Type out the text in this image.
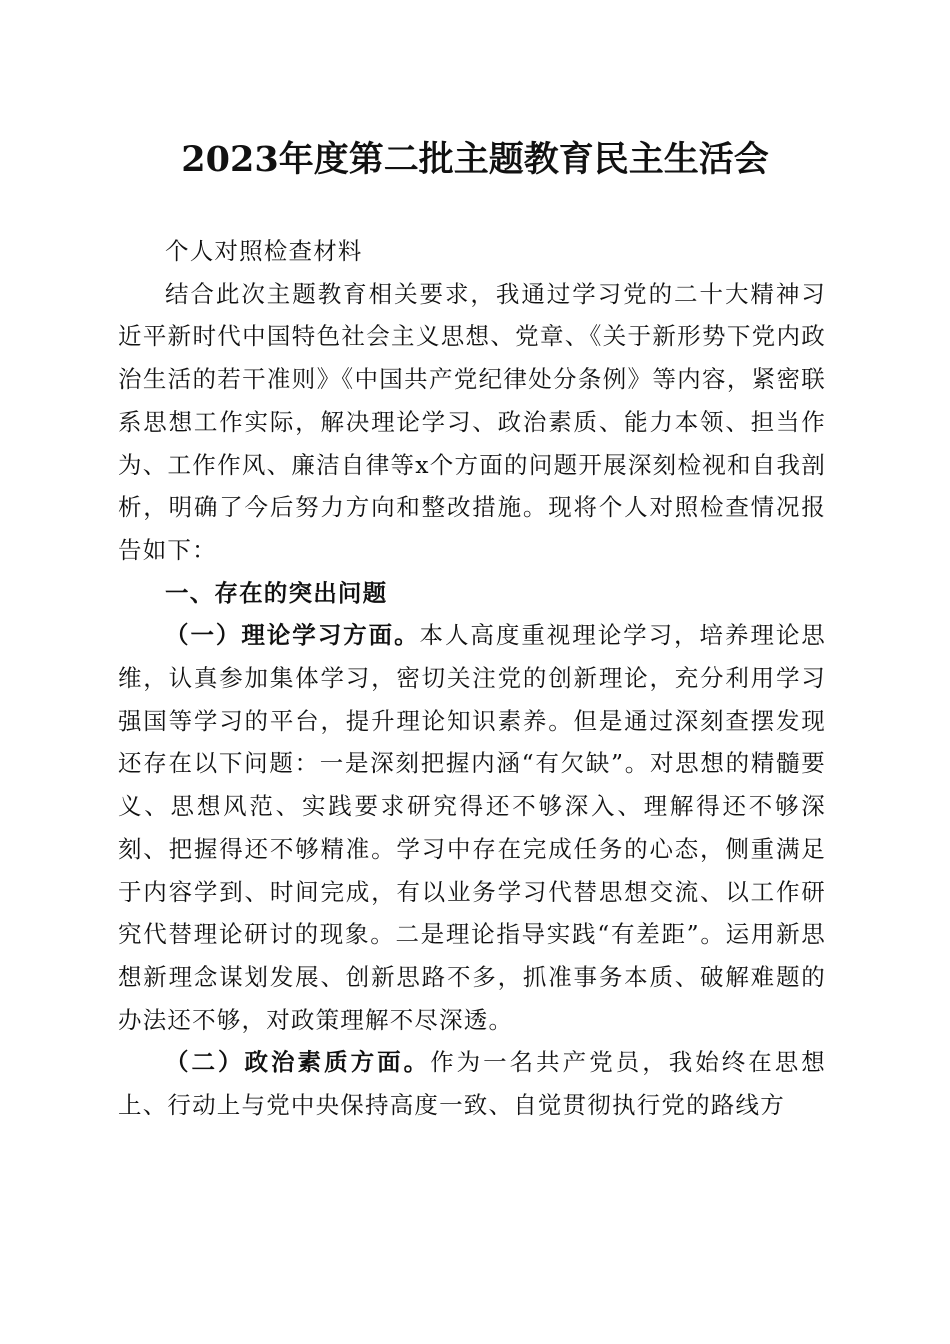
2023年度第二批主题教育民主生活会

个人对照检查材料

结合此次主题教育相关要求，我通过学习党的二十大精神习近平新时代中国特色社会主义思想、党章、《关于新形势下党内政治生活的若干准则》《中国共产党纪律处分条例》等内容，紧密联系思想工作实际，解决理论学习、政治素质、能力本领、担当作为、工作作风、廉洁自律等x个方面的问题开展深刻检视和自我剖析，明确了今后努力方向和整改措施。现将个人对照检查情况报告如下：

一、存在的突出问题

（一）理论学习方面。本人高度重视理论学习，培养理论思维，认真参加集体学习，密切关注党的创新理论，充分利用学习强国等学习的平台，提升理论知识素养。但是通过深刻查摆发现还存在以下问题：一是深刻把握内涵“有欠缺”。对思想的精髓要义、思想风范、实践要求研究得还不够深入、理解得还不够深刻、把握得还不够精准。学习中存在完成任务的心态，侧重满足于内容学到、时间完成，有以业务学习代替思想交流、以工作研究代替理论研讨的现象。二是理论指导实践“有差距”。运用新思想新理念谋划发展、创新思路不多，抓准事务本质、破解难题的办法还不够，对政策理解不尽深透。

（二）政治素质方面。作为一名共产党员，我始终在思想上、行动上与党中央保持高度一致、自觉贯彻执行党的路线方
